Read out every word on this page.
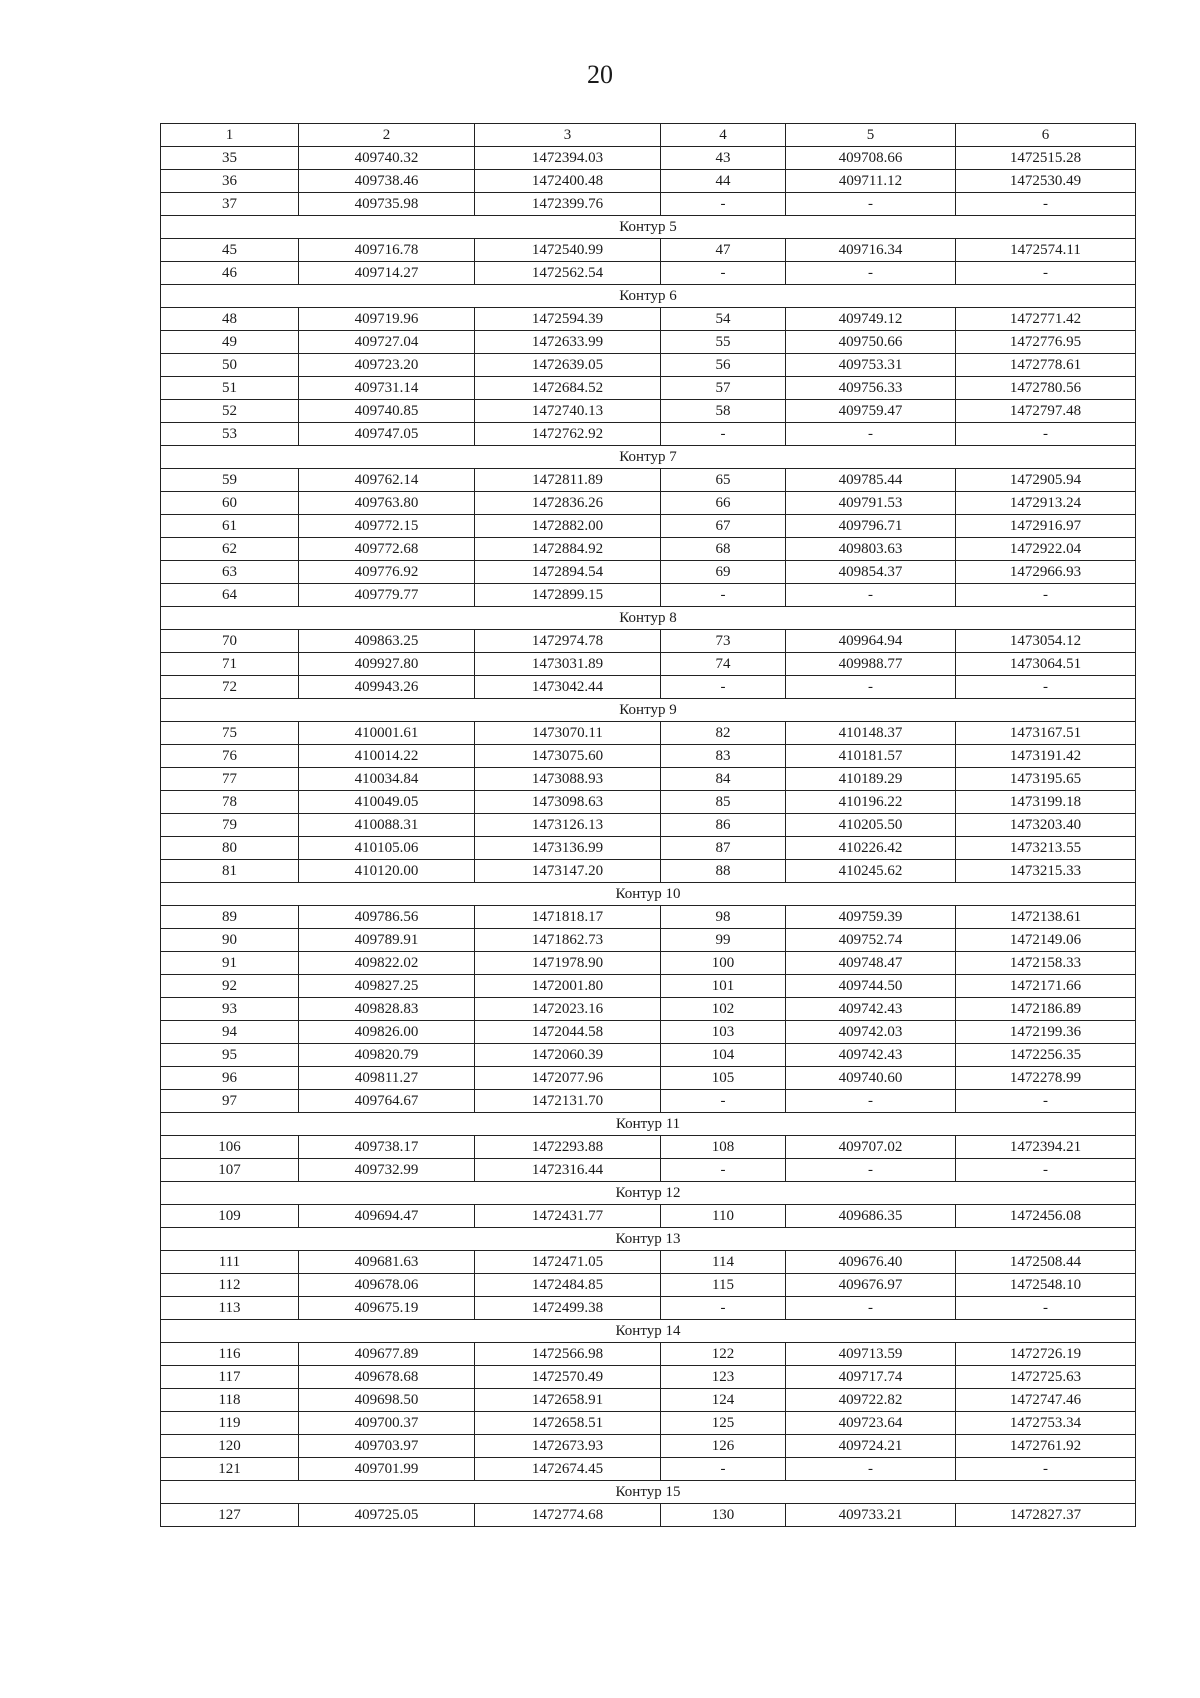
20
1	2	3	4	5	6
35	409740.32	1472394.03	43	409708.66	1472515.28
36	409738.46	1472400.48	44	409711.12	1472530.49
37	409735.98	1472399.76	-	-	-
Контур 5					
45	409716.78	1472540.99	47	409716.34	1472574.11
46	409714.27	1472562.54	-	-	-
Контур 6					
48	409719.96	1472594.39	54	409749.12	1472771.42
49	409727.04	1472633.99	55	409750.66	1472776.95
50	409723.20	1472639.05	56	409753.31	1472778.61
51	409731.14	1472684.52	57	409756.33	1472780.56
52	409740.85	1472740.13	58	409759.47	1472797.48
53	409747.05	1472762.92	-	-	-
Контур 7					
59	409762.14	1472811.89	65	409785.44	1472905.94
60	409763.80	1472836.26	66	409791.53	1472913.24
61	409772.15	1472882.00	67	409796.71	1472916.97
62	409772.68	1472884.92	68	409803.63	1472922.04
63	409776.92	1472894.54	69	409854.37	1472966.93
64	409779.77	1472899.15	-	-	-
Контур 8					
70	409863.25	1472974.78	73	409964.94	1473054.12
71	409927.80	1473031.89	74	409988.77	1473064.51
72	409943.26	1473042.44	-	-	-
Контур 9					
75	410001.61	1473070.11	82	410148.37	1473167.51
76	410014.22	1473075.60	83	410181.57	1473191.42
77	410034.84	1473088.93	84	410189.29	1473195.65
78	410049.05	1473098.63	85	410196.22	1473199.18
79	410088.31	1473126.13	86	410205.50	1473203.40
80	410105.06	1473136.99	87	410226.42	1473213.55
81	410120.00	1473147.20	88	410245.62	1473215.33
Контур 10					
89	409786.56	1471818.17	98	409759.39	1472138.61
90	409789.91	1471862.73	99	409752.74	1472149.06
91	409822.02	1471978.90	100	409748.47	1472158.33
92	409827.25	1472001.80	101	409744.50	1472171.66
93	409828.83	1472023.16	102	409742.43	1472186.89
94	409826.00	1472044.58	103	409742.03	1472199.36
95	409820.79	1472060.39	104	409742.43	1472256.35
96	409811.27	1472077.96	105	409740.60	1472278.99
97	409764.67	1472131.70	-	-	-
Контур 11					
106	409738.17	1472293.88	108	409707.02	1472394.21
107	409732.99	1472316.44	-	-	-
Контур 12					
109	409694.47	1472431.77	110	409686.35	1472456.08
Контур 13					
111	409681.63	1472471.05	114	409676.40	1472508.44
112	409678.06	1472484.85	115	409676.97	1472548.10
113	409675.19	1472499.38	-	-	-
Контур 14					
116	409677.89	1472566.98	122	409713.59	1472726.19
117	409678.68	1472570.49	123	409717.74	1472725.63
118	409698.50	1472658.91	124	409722.82	1472747.46
119	409700.37	1472658.51	125	409723.64	1472753.34
120	409703.97	1472673.93	126	409724.21	1472761.92
121	409701.99	1472674.45	-	-	-
Контур 15					
127	409725.05	1472774.68	130	409733.21	1472827.37
